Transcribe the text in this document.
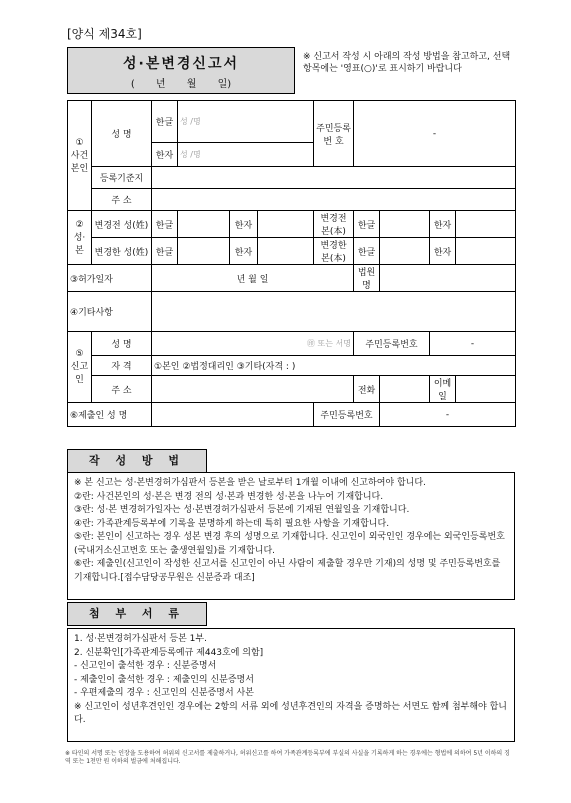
[양식 제34호]
성·본변경신고서
( 년 월 일)
※ 신고서 작성 시 아래의 작성 방법을 참고하고, 선택항목에는 '영표(○)'로 표시하기 바랍니다
① 사건 본인	성 명	한글	성 /명			주민등록 번 호	-			
		한자	성 /명							
	등록기준지									
	주 소									
② 성·본	변경전 성(姓)	한글		한자		변경전 본(本)	한글		한자	
	변경한 성(姓)	한글		한자		변경한 본(本)	한글		한자	
③허가일자		년 월 일					법원명			
④기타사항										
⑤ 신고인	성 명	㊞ 또는 서명					주민등록번호		-	
	자 격	①본인 ②법정대리인 ③기타(자격 : )								
	주 소						전화		이메일	
⑥제출인 성 명						주민등록번호		-		
작 성 방 법

※ 본 신고는 성·본변경허가심판서 등본을 받은 날로부터 1개월 이내에 신고하여야 합니다.

②란: 사건본인의 성·본은 변경 전의 성·본과 변경한 성·본을 나누어 기재합니다.

③란: 성·본 변경허가일자는 성·본변경허가심판서 등본에 기재된 연월일을 기재합니다.

④란: 가족관계등록부에 기록을 분명하게 하는데 특히 필요한 사항을 기재합니다.

⑤란: 본인이 신고하는 경우 성본 변경 후의 성명으로 기재합니다. 신고인이 외국인인 경우에는 외국인등록번호(국내거소신고번호 또는 출생연월일)를 기재합니다.

⑥란: 제출인(신고인이 작성한 신고서를 신고인이 아닌 사람이 제출할 경우만 기재)의 성명 및 주민등록번호를 기재합니다.[접수담당공무원은 신분증과 대조]

첨 부 서 류

1. 성·본변경허가심판서 등본 1부.

2. 신분확인[가족관계등록예규 제443호에 의함]

- 신고인이 출석한 경우 : 신분증명서

- 제출인이 출석한 경우 : 제출인의 신분증명서

- 우편제출의 경우 : 신고인의 신분증명서 사본

※ 신고인이 성년후견인인 경우에는 2항의 서류 외에 성년후견인의 자격을 증명하는 서면도 함께 첨부해야 합니다.

※ 타인의 서명 또는 인장을 도용하여 허위의 신고서를 제출하거나, 허위신고를 하여 가족관계등록부에 부실의 사실을 기록하게 하는 경우에는 형법에 의하여 5년 이하의 징역 또는 1천만 원 이하의 벌금에 처해집니다.
